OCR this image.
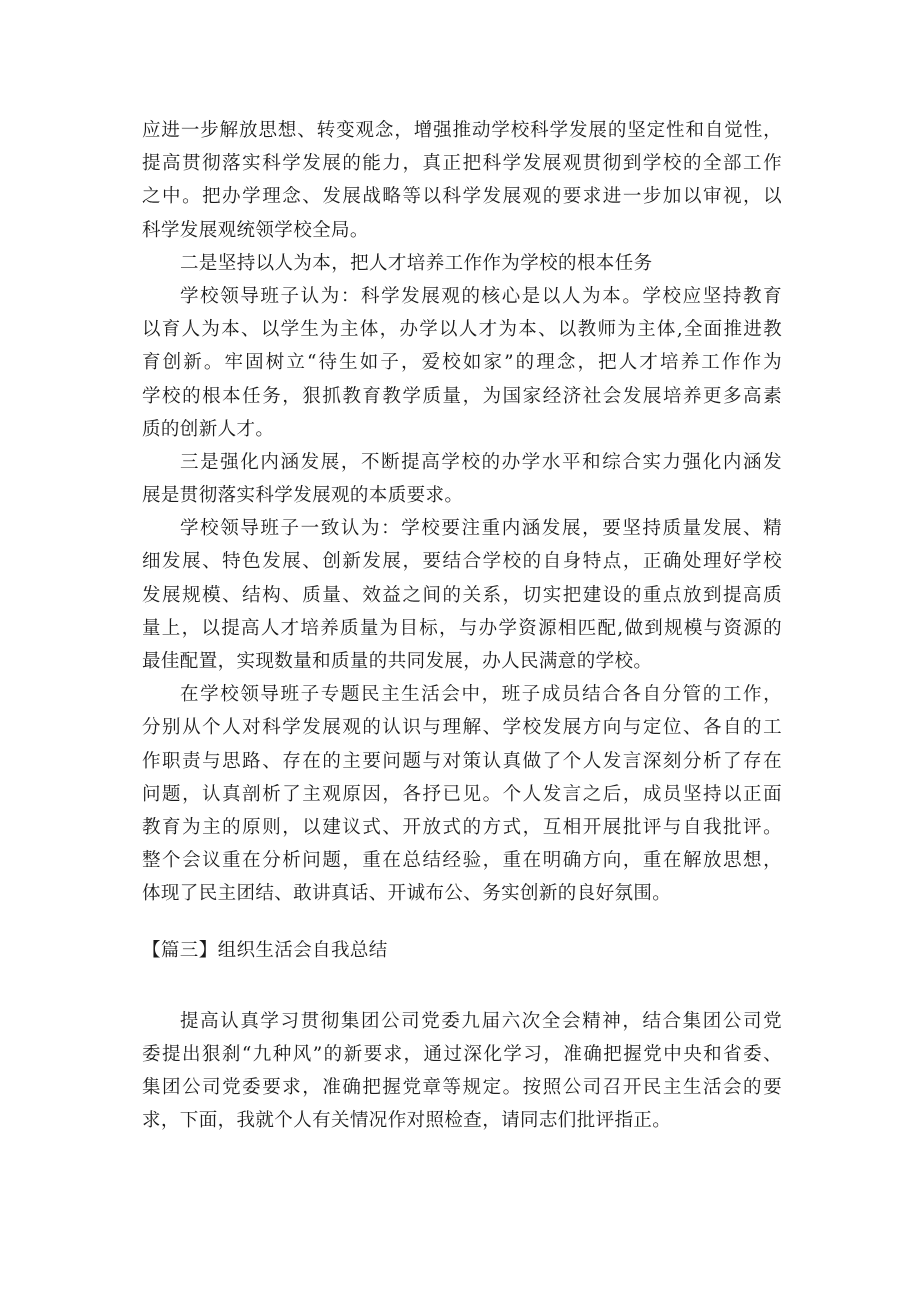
应进一步解放思想、转变观念，增强推动学校科学发展的坚定性和自觉性，
提高贯彻落实科学发展的能力，真正把科学发展观贯彻到学校的全部工作
之中。把办学理念、发展战略等以科学发展观的要求进一步加以审视，以
科学发展观统领学校全局。
二是坚持以人为本，把人才培养工作作为学校的根本任务
学校领导班子认为：科学发展观的核心是以人为本。学校应坚持教育
以育人为本、以学生为主体，办学以人才为本、以教师为主体,全面推进教
育创新。牢固树立“待生如子，爱校如家”的理念，把人才培养工作作为
学校的根本任务，狠抓教育教学质量，为国家经济社会发展培养更多高素
质的创新人才。
三是强化内涵发展，不断提高学校的办学水平和综合实力强化内涵发
展是贯彻落实科学发展观的本质要求。
学校领导班子一致认为：学校要注重内涵发展，要坚持质量发展、精
细发展、特色发展、创新发展，要结合学校的自身特点，正确处理好学校
发展规模、结构、质量、效益之间的关系，切实把建设的重点放到提高质
量上，以提高人才培养质量为目标，与办学资源相匹配,做到规模与资源的
最佳配置，实现数量和质量的共同发展，办人民满意的学校。
在学校领导班子专题民主生活会中，班子成员结合各自分管的工作，
分别从个人对科学发展观的认识与理解、学校发展方向与定位、各自的工
作职责与思路、存在的主要问题与对策认真做了个人发言深刻分析了存在
问题，认真剖析了主观原因，各抒已见。个人发言之后，成员坚持以正面
教育为主的原则，以建议式、开放式的方式，互相开展批评与自我批评。
整个会议重在分析问题，重在总结经验，重在明确方向，重在解放思想，
体现了民主团结、敢讲真话、开诚布公、务实创新的良好氛围。
【篇三】组织生活会自我总结
提高认真学习贯彻集团公司党委九届六次全会精神，结合集团公司党
委提出狠刹“九种风”的新要求，通过深化学习，准确把握党中央和省委、
集团公司党委要求，准确把握党章等规定。按照公司召开民主生活会的要
求，下面，我就个人有关情况作对照检查，请同志们批评指正。
